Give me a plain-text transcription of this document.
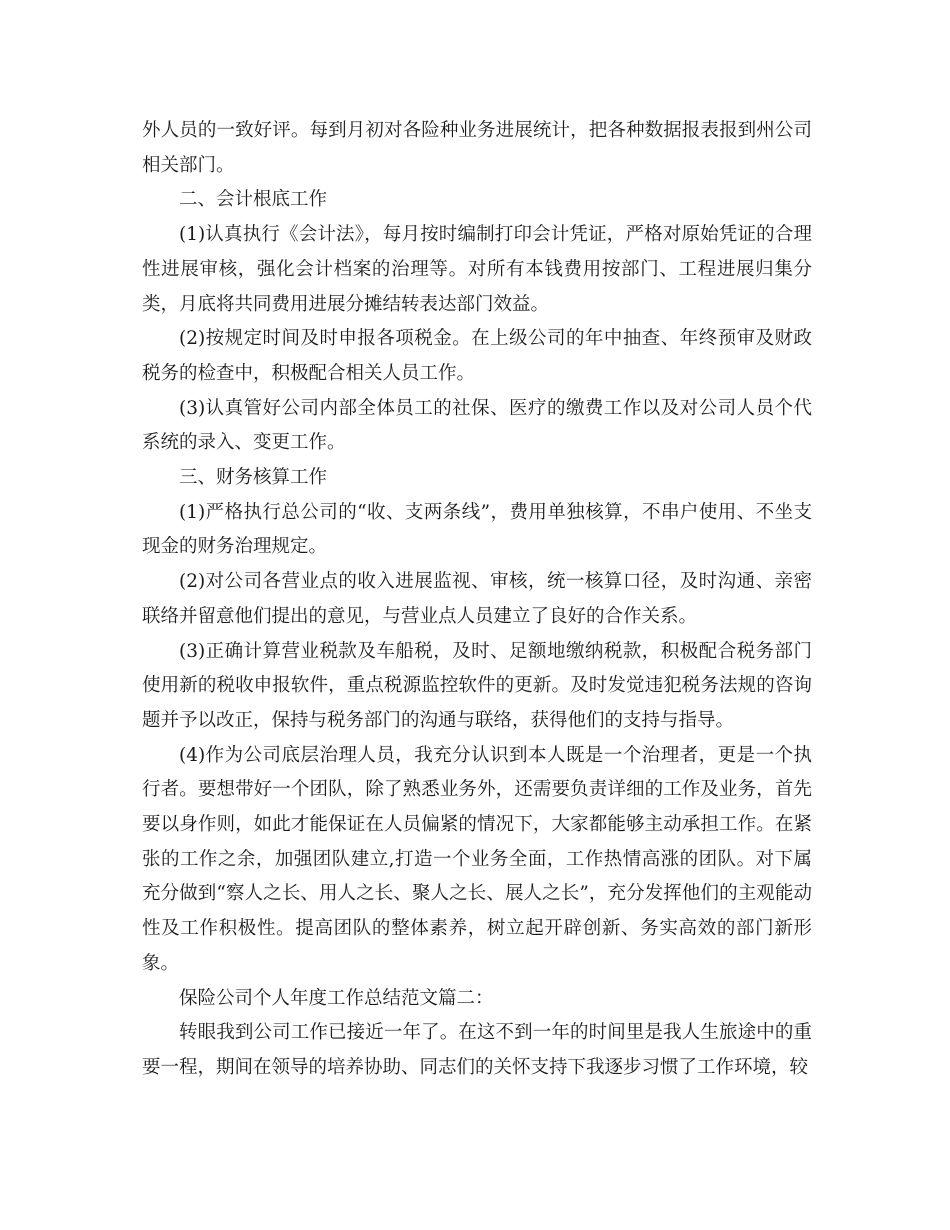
外人员的一致好评。每到月初对各险种业务进展统计，把各种数据报表报到州公司相关部门。

二、会计根底工作

(1)认真执行《会计法》，每月按时编制打印会计凭证，严格对原始凭证的合理性进展审核，强化会计档案的治理等。对所有本钱费用按部门、工程进展归集分类，月底将共同费用进展分摊结转表达部门效益。

(2)按规定时间及时申报各项税金。在上级公司的年中抽查、年终预审及财政税务的检查中，积极配合相关人员工作。

(3)认真管好公司内部全体员工的社保、医疗的缴费工作以及对公司人员个代系统的录入、变更工作。

三、财务核算工作

(1)严格执行总公司的“收、支两条线”，费用单独核算，不串户使用、不坐支现金的财务治理规定。

(2)对公司各营业点的收入进展监视、审核，统一核算口径，及时沟通、亲密联络并留意他们提出的意见，与营业点人员建立了良好的合作关系。

(3)正确计算营业税款及车船税，及时、足额地缴纳税款，积极配合税务部门使用新的税收申报软件，重点税源监控软件的更新。及时发觉违犯税务法规的咨询题并予以改正，保持与税务部门的沟通与联络，获得他们的支持与指导。

(4)作为公司底层治理人员，我充分认识到本人既是一个治理者，更是一个执行者。要想带好一个团队，除了熟悉业务外，还需要负责详细的工作及业务，首先要以身作则，如此才能保证在人员偏紧的情况下，大家都能够主动承担工作。在紧张的工作之余，加强团队建立,打造一个业务全面，工作热情高涨的团队。对下属充分做到“察人之长、用人之长、聚人之长、展人之长”，充分发挥他们的主观能动性及工作积极性。提高团队的整体素养，树立起开辟创新、务实高效的部门新形象。

保险公司个人年度工作总结范文篇二：

转眼我到公司工作已接近一年了。在这不到一年的时间里是我人生旅途中的重要一程，期间在领导的培养协助、同志们的关怀支持下我逐步习惯了工作环境，较
